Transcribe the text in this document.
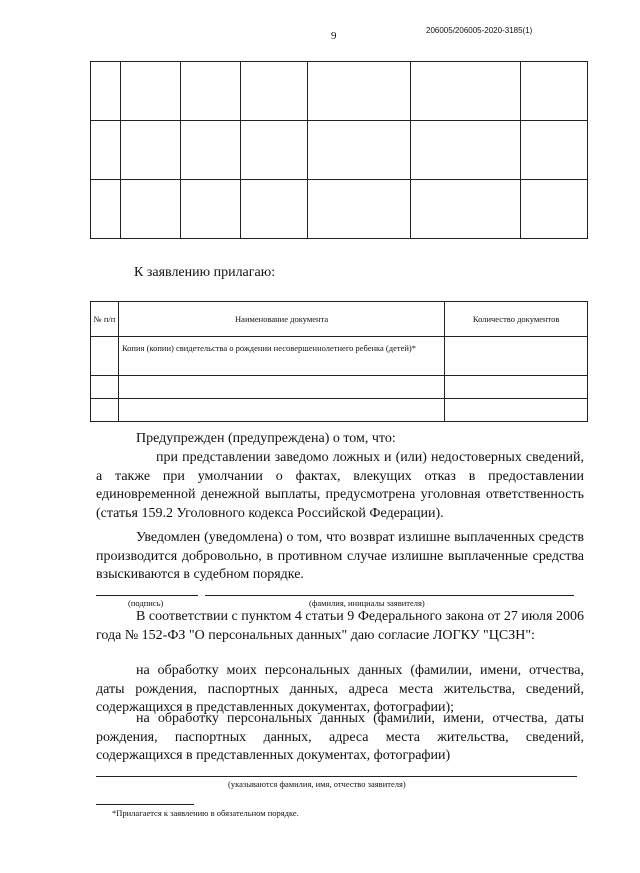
9	206005/206005-2020-3185(1)

К заявлению прилагаю:
№ п/п	Наименование документа	Количество документов
	Копия (копии) свидетельства о рождении несовершеннолетнего ребенка (детей)*	

Предупрежден (предупреждена) о том, что:

при представлении заведомо ложных и (или) недостоверных сведений, а также при умолчании о фактах, влекущих отказ в предоставлении единовременной денежной выплаты, предусмотрена уголовная ответственность (статья 159.2 Уголовного кодекса Российской Федерации).

Уведомлен (уведомлена) о том, что возврат излишне выплаченных средств производится добровольно, в противном случае излишне выплаченные средства взыскиваются в судебном порядке.

(подпись)	(фамилия, инициалы заявителя)

В соответствии с пунктом 4 статьи 9 Федерального закона от 27 июля 2006 года № 152-ФЗ "О персональных данных" даю согласие ЛОГКУ "ЦСЗН":

на обработку моих персональных данных (фамилии, имени, отчества, даты рождения, паспортных данных, адреса места жительства, сведений, содержащихся в представленных документах, фотографии);

на обработку персональных данных (фамилии, имени, отчества, даты рождения, паспортных данных, адреса места жительства, сведений, содержащихся в представленных документах, фотографии)

(указываются фамилия, имя, отчество заявителя)
*Прилагается к заявлению в обязательном порядке.
